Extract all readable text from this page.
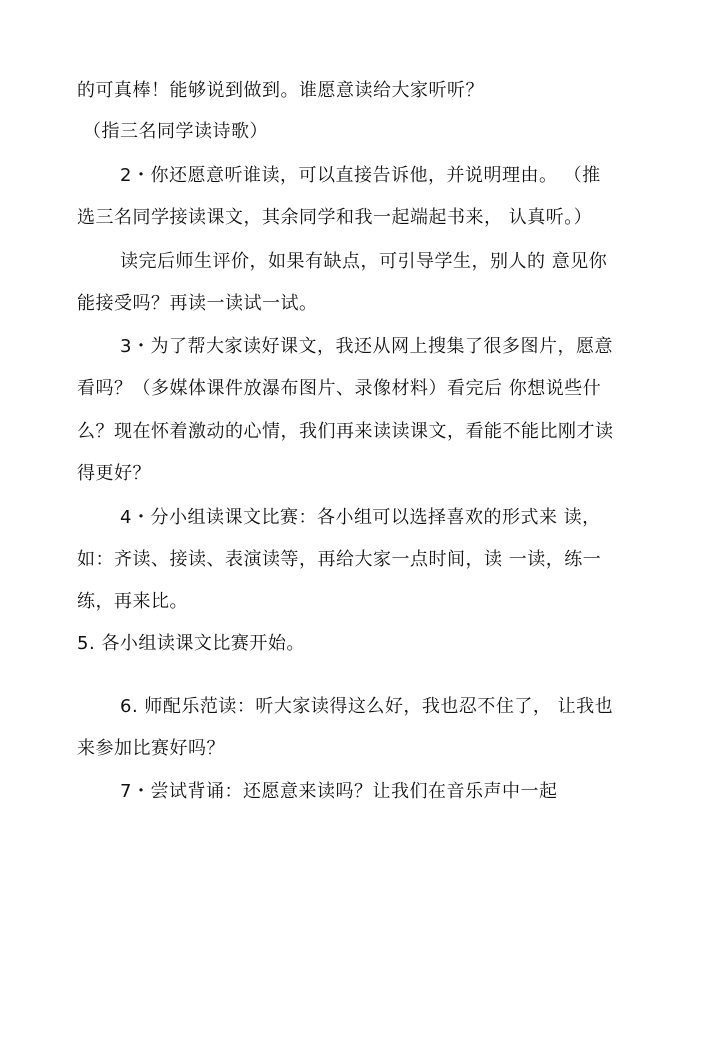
的可真棒！能够说到做到。谁愿意读给大家听听？
（指三名同学读诗歌）
2・你还愿意听谁读，可以直接告诉他，并说明理由。 （推
选三名同学接读课文，其余同学和我一起端起书来， 认真听。）
读完后师生评价，如果有缺点，可引导学生，别人的 意见你
能接受吗？再读一读试一试。
3・为了帮大家读好课文，我还从网上搜集了很多图片，愿意
看吗？（多媒体课件放瀑布图片、录像材料）看完后 你想说些什
么？现在怀着激动的心情，我们再来读读课文，看能不能比刚才读
得更好？
4・分小组读课文比赛：各小组可以选择喜欢的形式来 读，
如：齐读、接读、表演读等，再给大家一点时间，读 一读，练一
练，再来比。
5. 各小组读课文比赛开始。
6. 师配乐范读：听大家读得这么好，我也忍不住了， 让我也
来参加比赛好吗？
7・尝试背诵：还愿意来读吗？让我们在音乐声中一起
